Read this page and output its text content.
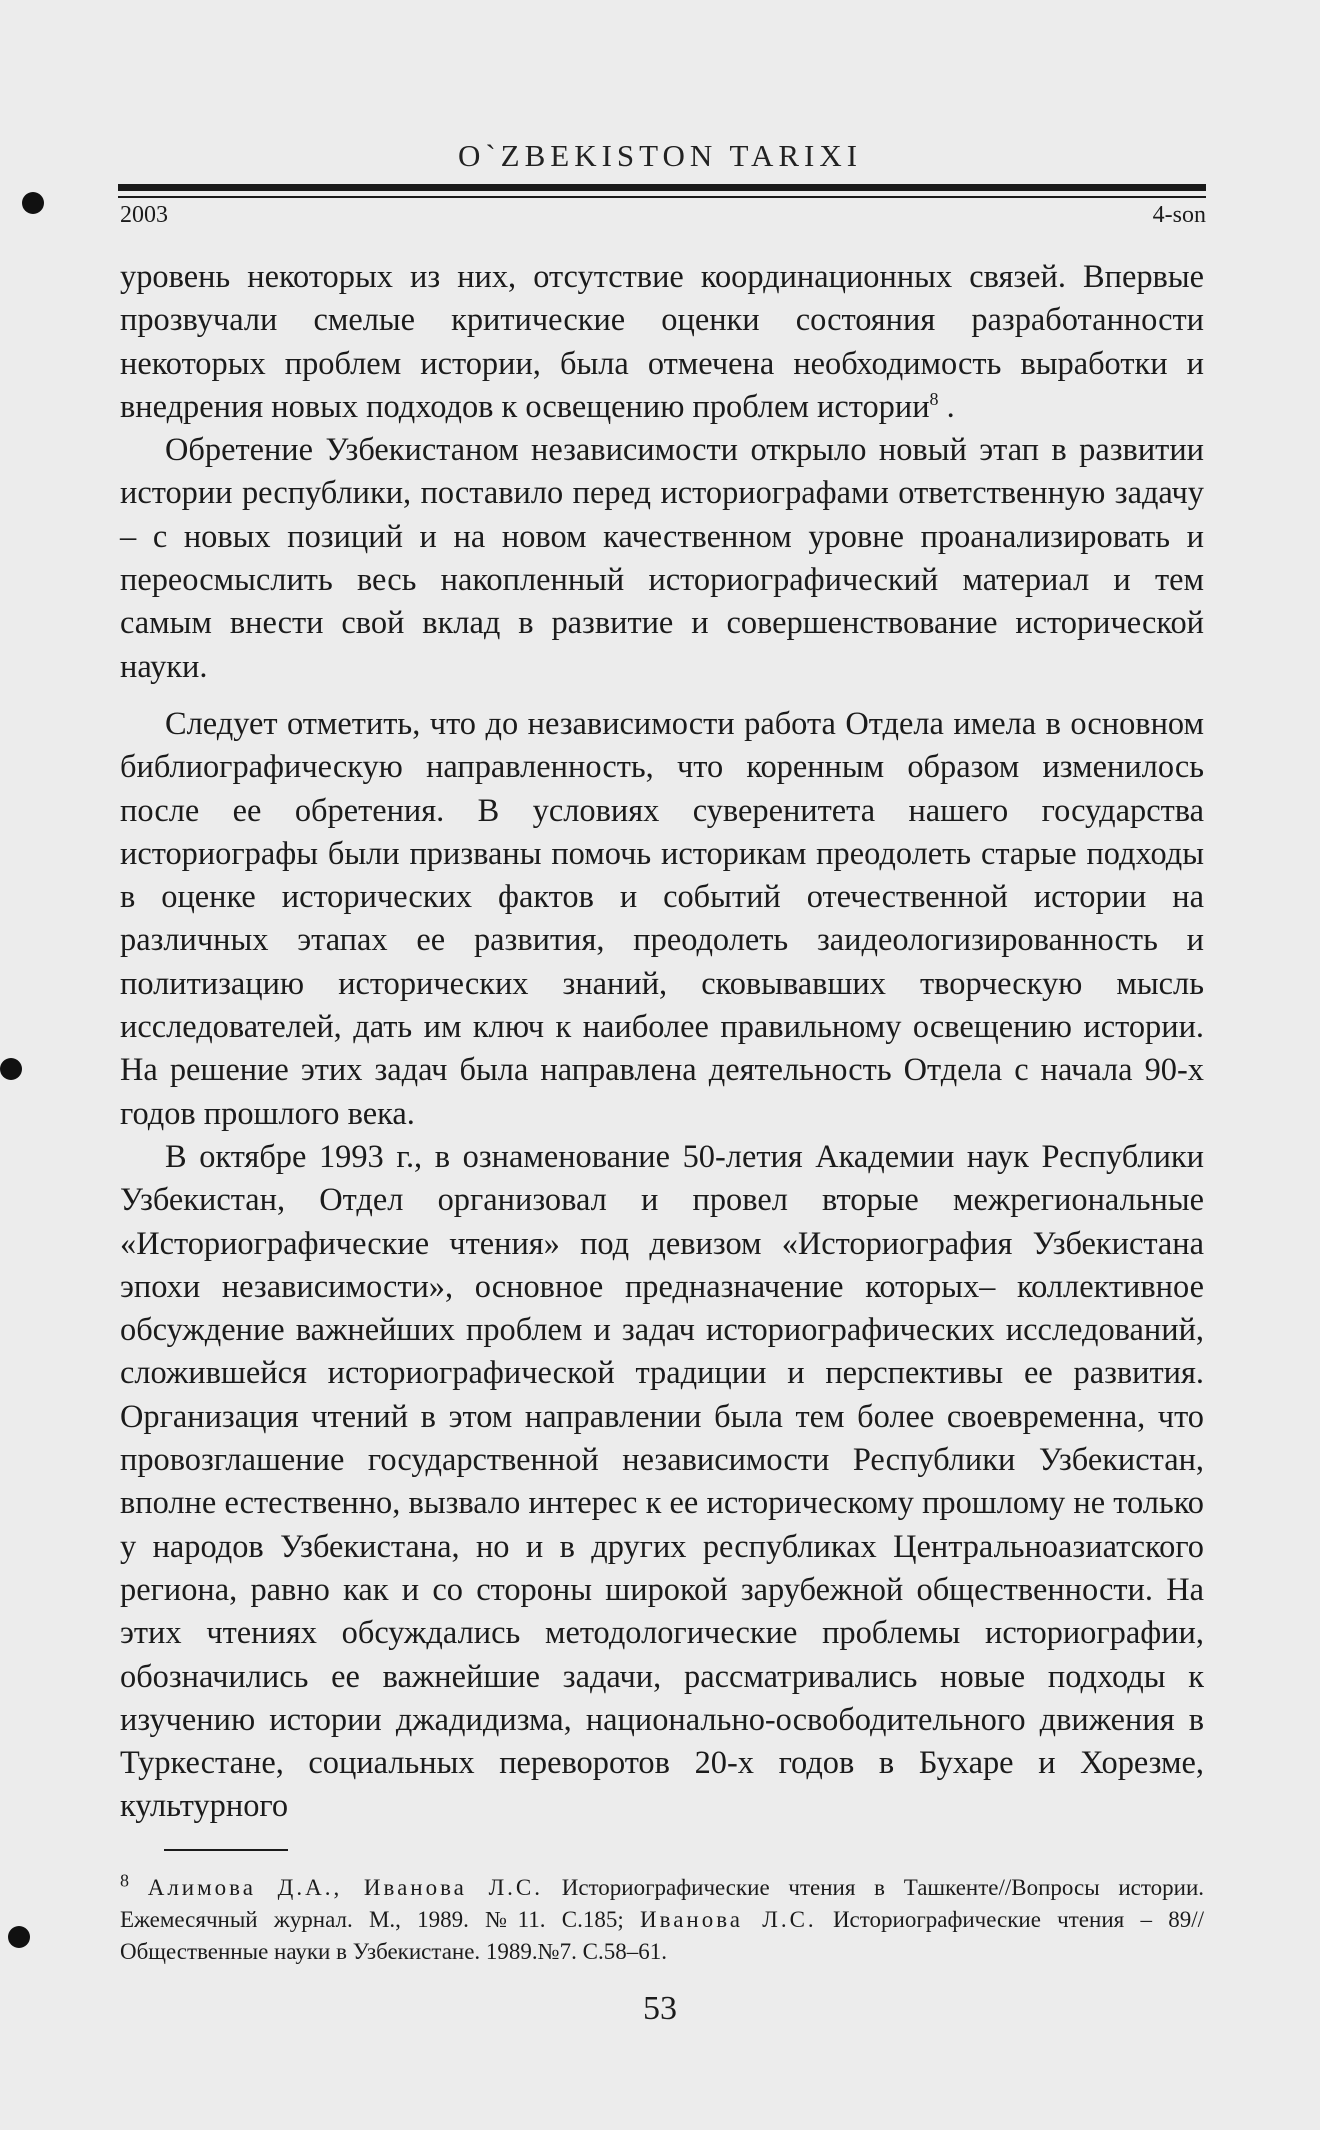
O`ZBEKISTON TARIXI
2003	4-son

уровень некоторых из них, отсутствие координационных связей. Впервые прозвучали смелые критические оценки состояния разработанности некоторых проблем истории, была отмечена необходимость выработки и внедрения новых подходов к освещению проблем истории$^8$ .

Обретение Узбекистаном независимости открыло новый этап в развитии истории республики, поставило перед историографами ответственную задачу – с новых позиций и на новом качественном уровне проанализировать и переосмыслить весь накопленный историографический материал и тем самым внести свой вклад в развитие и совершенствование исторической науки.

Следует отметить, что до независимости работа Отдела имела в основном библиографическую направленность, что коренным образом изменилось после ее обретения. В условиях суверенитета нашего государства историографы были призваны помочь историкам преодолеть старые подходы в оценке исторических фактов и событий отечественной истории на различных этапах ее развития, преодолеть заидеологизированность и политизацию исторических знаний, сковывавших творческую мысль исследователей, дать им ключ к наиболее правильному освещению истории. На решение этих задач была направлена деятельность Отдела с начала 90-х годов прошлого века.

В октябре 1993 г., в ознаменование 50-летия Академии наук Республики Узбекистан, Отдел организовал и провел вторые межрегиональные «Историографические чтения» под девизом «Историография Узбекистана эпохи независимости», основное предназначение которых– коллективное обсуждение важнейших проблем и задач историографических исследований, сложившейся историографической традиции и перспективы ее развития. Организация чтений в этом направлении была тем более своевременна, что провозглашение государственной независимости Республики Узбекистан, вполне естественно, вызвало интерес к ее историческому прошлому не только у народов Узбекистана, но и в других республиках Центральноазиатского региона, равно как и со стороны широкой зарубежной общественности. На этих чтениях обсуждались методологические проблемы историографии, обозначились ее важнейшие задачи, рассматривались новые подходы к изучению истории джадидизма, национально-освободительного движения в Туркестане, социальных переворотов 20-х годов в Бухаре и Хорезме, культурного

$^8$ Алимова Д.А., Иванова Л.С. Историографические чтения в Ташкенте//Вопросы истории. Ежемесячный журнал. М., 1989. №11. С.185; Иванова Л.С. Историографические чтения – 89//Общественные науки в Узбекистане. 1989.№7. С.58–61.
53
